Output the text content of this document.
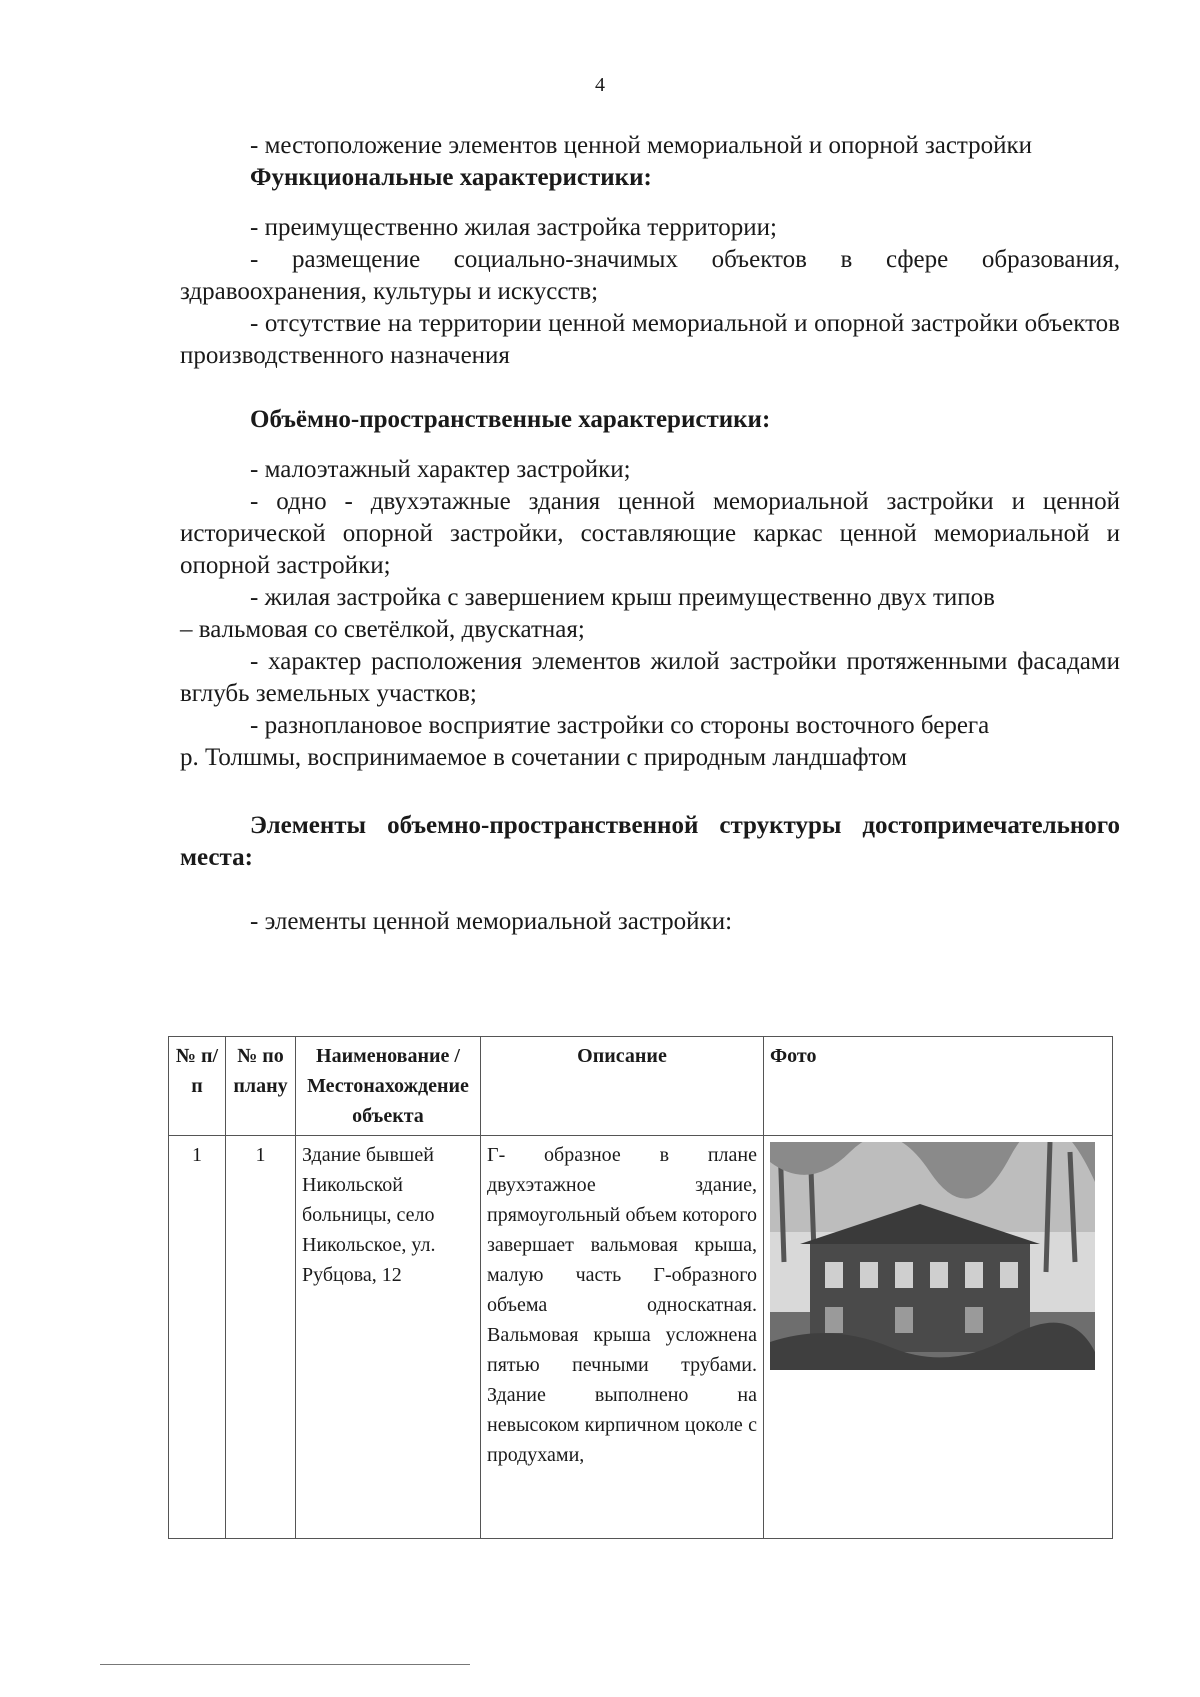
4

- местоположение элементов ценной мемориальной и опорной застройки

Функциональные характеристики:

- преимущественно жилая застройка территории;

- размещение социально-значимых объектов в сфере образования, здравоохранения, культуры и искусств;

- отсутствие на территории ценной мемориальной и опорной застройки объектов производственного назначения

Объёмно-пространственные характеристики:

- малоэтажный характер застройки;

- одно - двухэтажные здания ценной мемориальной застройки и ценной исторической опорной застройки, составляющие каркас ценной мемориальной и опорной застройки;

- жилая застройка с завершением крыш преимущественно двух типов

– вальмовая со светёлкой, двускатная;

- характер расположения элементов жилой застройки протяженными фасадами вглубь земельных участков;

- разноплановое восприятие застройки со стороны восточного берега

р. Толшмы, воспринимаемое в сочетании с природным ландшафтом

Элементы объемно-пространственной структуры достопримечательного места:

- элементы ценной мемориальной застройки:

№ п/п	№ по плану	Наименование / Местонахождение объекта	Описание	Фото
1	1	Здание бывшей Никольской больницы, село Никольское, ул. Рубцова, 12	Г- образное в плане двухэтажное здание, прямоугольный объем которого завершает вальмовая крыша, малую часть Г-образного объема односкатная. Вальмовая крыша усложнена пятью печными трубами. Здание выполнено на невысоком кирпичном цоколе с продухами,
